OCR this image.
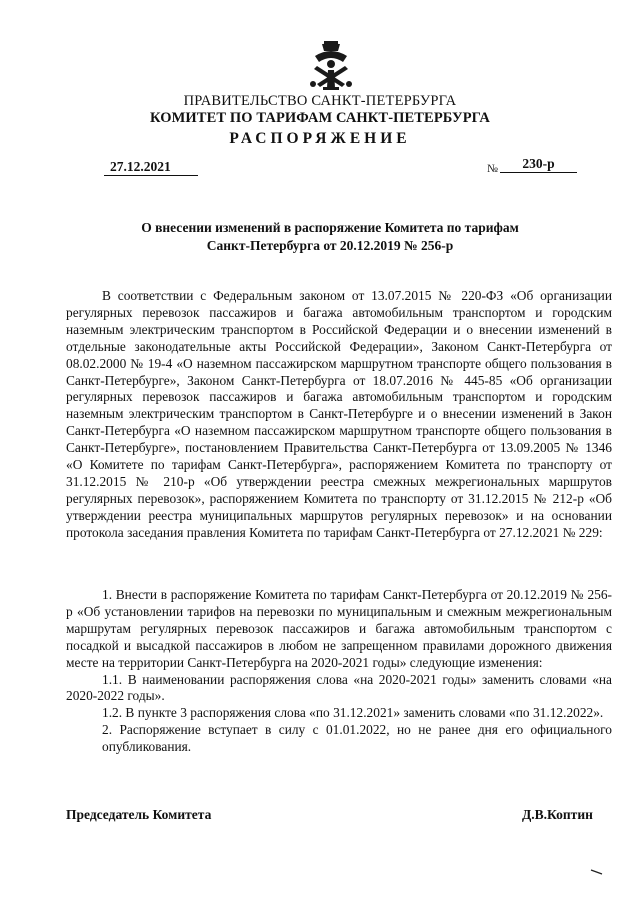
ПРАВИТЕЛЬСТВО САНКТ-ПЕТЕРБУРГА
КОМИТЕТ ПО ТАРИФАМ САНКТ-ПЕТЕРБУРГА
РАСПОРЯЖЕНИЕ
27.12.2021	№	230-р
О внесении изменений в распоряжение Комитета по тарифам
Санкт-Петербурга от 20.12.2019 № 256-р

В соответствии с Федеральным законом от 13.07.2015 № 220-ФЗ «Об организации регулярных перевозок пассажиров и багажа автомобильным транспортом и городским наземным электрическим транспортом в Российской Федерации и о внесении изменений в отдельные законодательные акты Российской Федерации», Законом Санкт-Петербурга от 08.02.2000 № 19-4 «О наземном пассажирском маршрутном транспорте общего пользования в Санкт-Петербурге», Законом Санкт-Петербурга от 18.07.2016 № 445-85 «Об организации регулярных перевозок пассажиров и багажа автомобильным транспортом и городским наземным электрическим транспортом в Санкт-Петербурге и о внесении изменений в Закон Санкт-Петербурга «О наземном пассажирском маршрутном транспорте общего пользования в Санкт-Петербурге», постановлением Правительства Санкт-Петербурга от 13.09.2005 № 1346 «О Комитете по тарифам Санкт-Петербурга», распоряжением Комитета по транспорту от 31.12.2015 № 210-р «Об утверждении реестра смежных межрегиональных маршрутов регулярных перевозок», распоряжением Комитета по транспорту от 31.12.2015 № 212-р «Об утверждении реестра муниципальных маршрутов регулярных перевозок» и на основании протокола заседания правления Комитета по тарифам Санкт-Петербурга от 27.12.2021 № 229:

1. Внести в распоряжение Комитета по тарифам Санкт-Петербурга от 20.12.2019 № 256-р «Об установлении тарифов на перевозки по муниципальным и смежным межрегиональным маршрутам регулярных перевозок пассажиров и багажа автомобильным транспортом с посадкой и высадкой пассажиров в любом не запрещенном правилами дорожного движения месте на территории Санкт-Петербурга на 2020-2021 годы» следующие изменения:

1.1. В наименовании распоряжения слова «на 2020-2021 годы» заменить словами «на 2020-2022 годы».

1.2. В пункте 3 распоряжения слова «по 31.12.2021» заменить словами «по 31.12.2022».

2. Распоряжение вступает в силу с 01.01.2022, но не ранее дня его официального опубликования.

Председатель Комитета	Д.В.Коптин
